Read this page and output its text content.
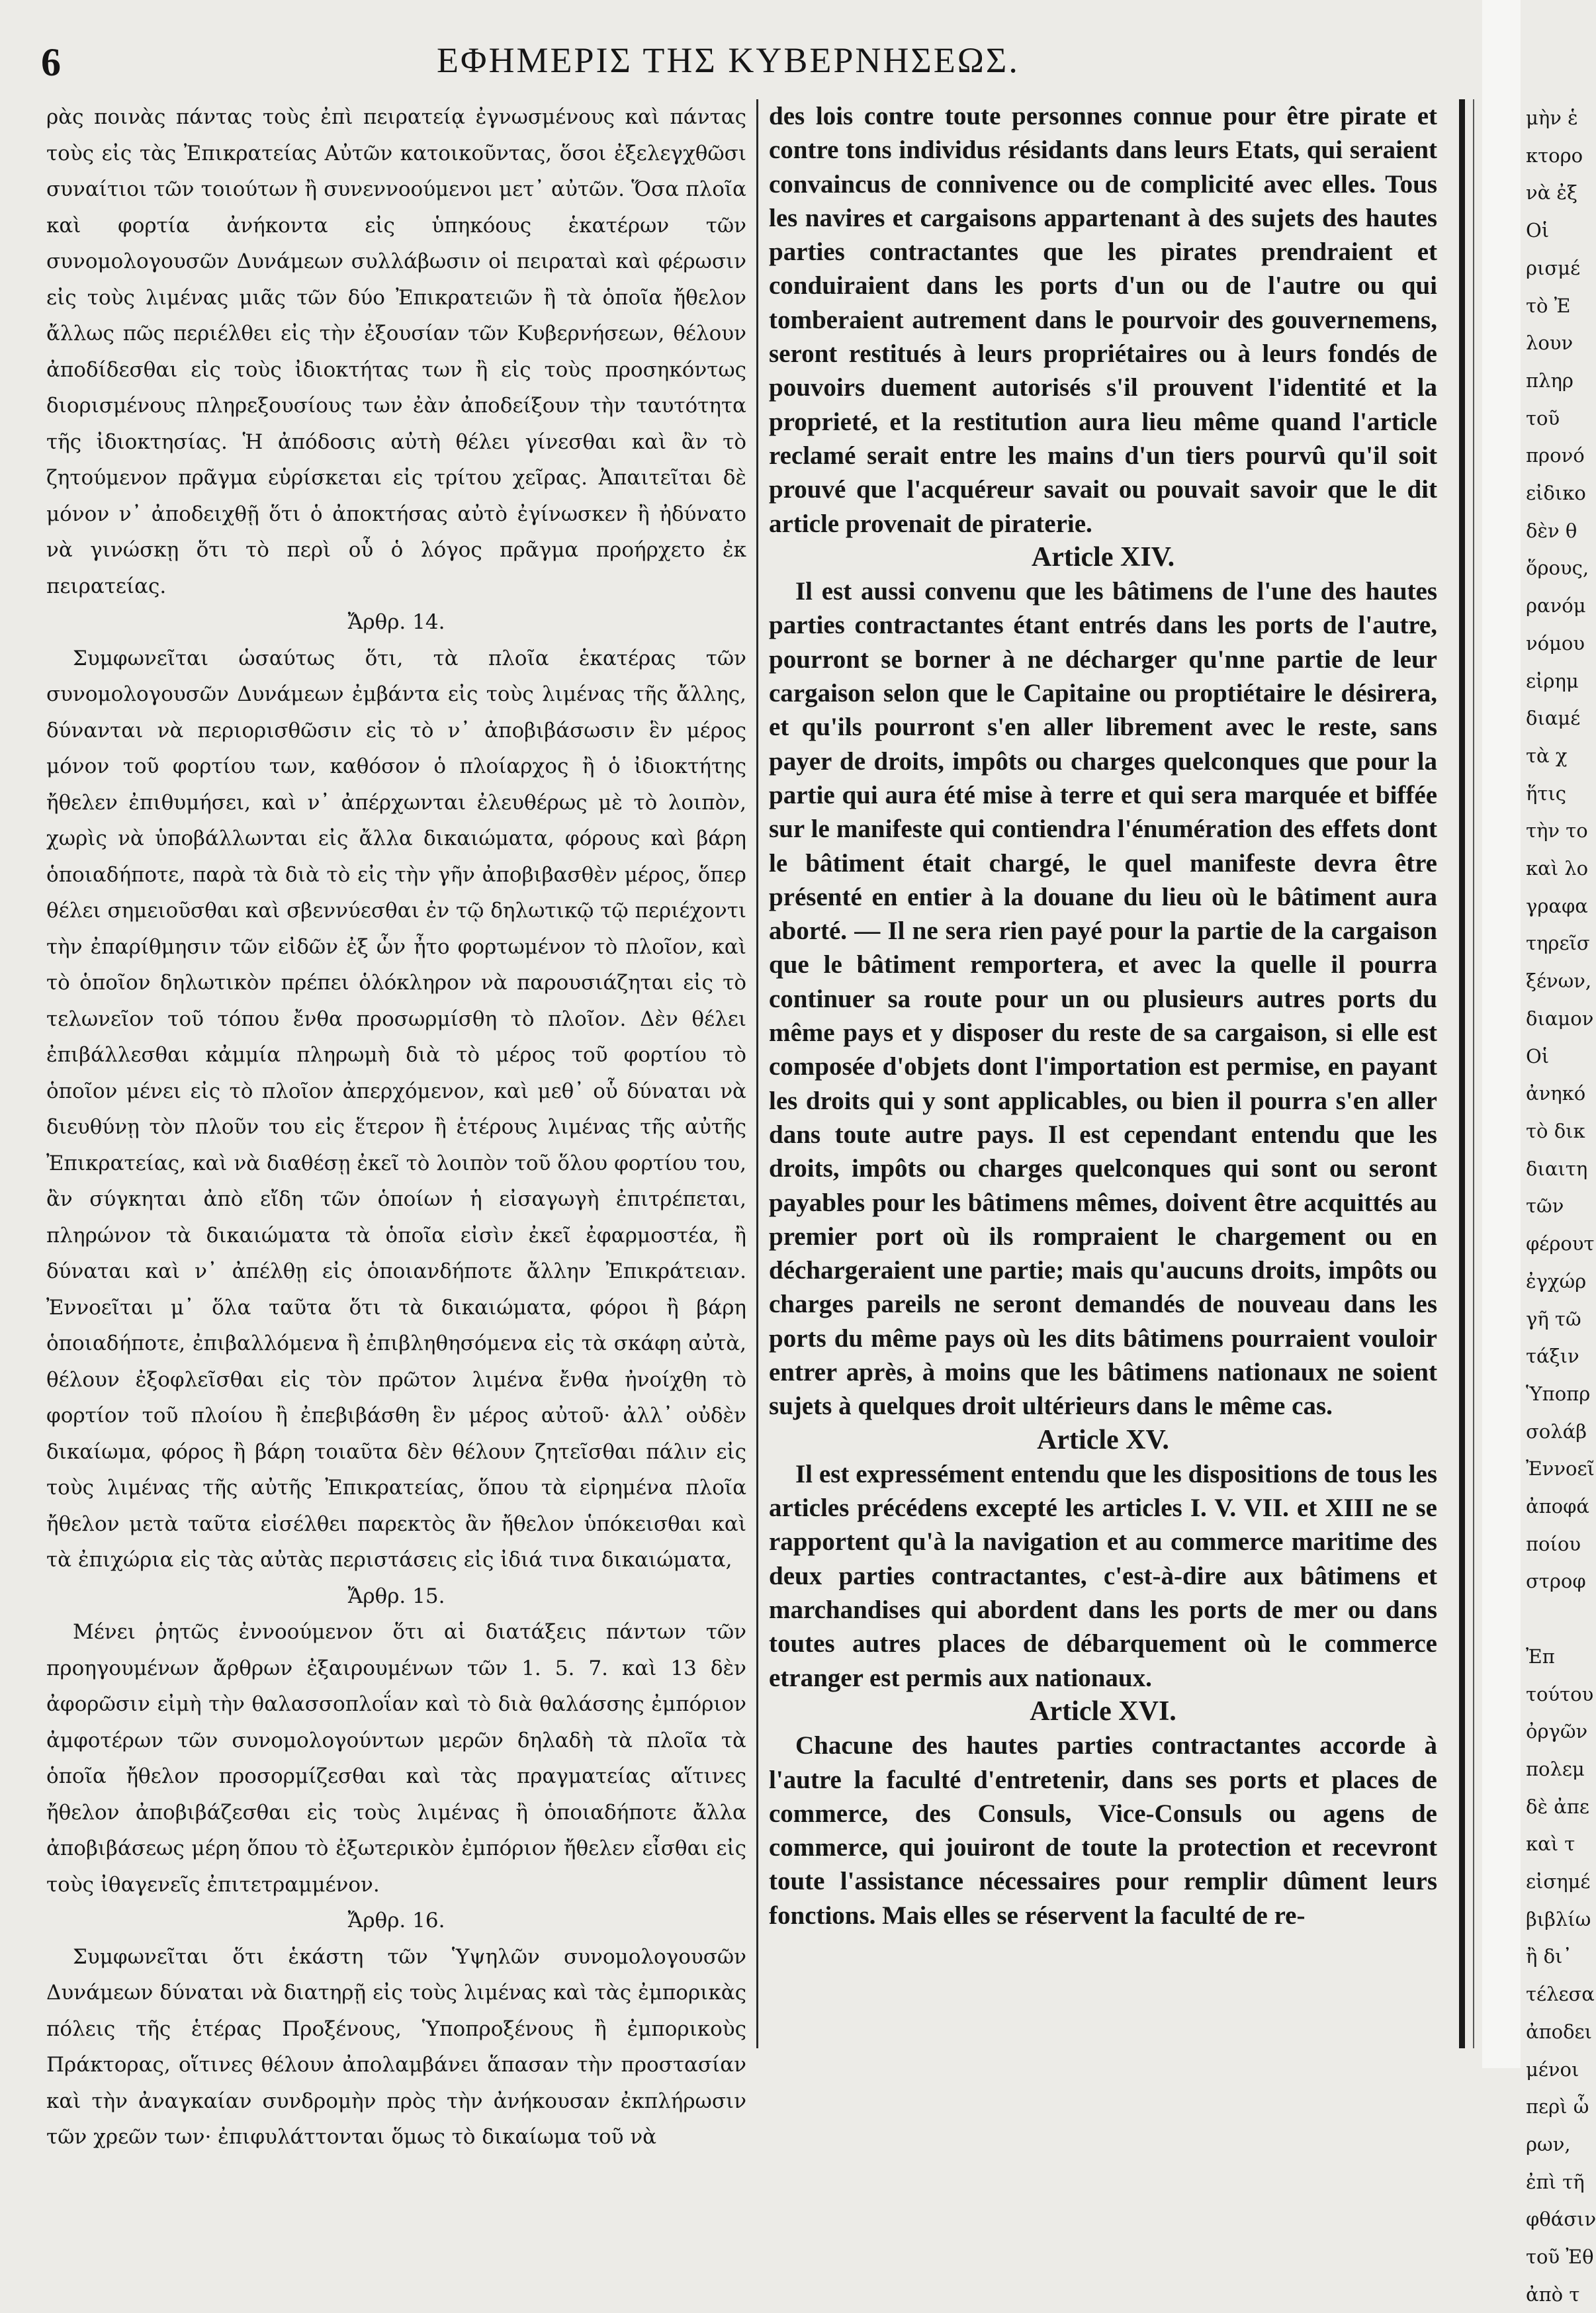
6	ΕΦΗΜΕΡΙΣ ΤΗΣ ΚΥΒΕΡΝΗΣΕΩΣ.

ρὰς ποινὰς πάντας τοὺς ἐπὶ πειρατείᾳ ἐγνωσμένους καὶ πάντας τοὺς εἰς τὰς Ἐπικρατείας Αὐτῶν κατοικοῦντας, ὅσοι ἐξελεγχθῶσι συναίτιοι τῶν τοιούτων ἢ συνεννοούμενοι μετ᾽ αὐτῶν. Ὅσα πλοῖα καὶ φορτία ἀνήκοντα εἰς ὑπηκόους ἑκατέρων τῶν συνομολογουσῶν Δυνάμεων συλλάβωσιν οἱ πειραταὶ καὶ φέρωσιν εἰς τοὺς λιμένας μιᾶς τῶν δύο Ἐπικρατειῶν ἢ τὰ ὁποῖα ἤθελον ἄλλως πῶς περιέλθει εἰς τὴν ἐξουσίαν τῶν Κυβερνήσεων, θέλουν ἀποδίδεσθαι εἰς τοὺς ἰδιοκτήτας των ἢ εἰς τοὺς προσηκόντως διορισμένους πληρεξουσίους των ἐὰν ἀποδείξουν τὴν ταυτότητα τῆς ἰδιοκτησίας. Ἡ ἀπόδοσις αὐτὴ θέλει γίνεσθαι καὶ ἂν τὸ ζητούμενον πρᾶγμα εὑρίσκεται εἰς τρίτου χεῖρας. Ἀπαιτεῖται δὲ μόνον ν᾽ ἀποδειχθῇ ὅτι ὁ ἀποκτήσας αὐτὸ ἐγίνωσκεν ἢ ἠδύνατο νὰ γινώσκῃ ὅτι τὸ περὶ οὗ ὁ λόγος πρᾶγμα προήρχετο ἐκ πειρατείας.

Ἄρθρ. 14.

Συμφωνεῖται ὡσαύτως ὅτι, τὰ πλοῖα ἑκατέρας τῶν συνομολογουσῶν Δυνάμεων ἐμβάντα εἰς τοὺς λιμένας τῆς ἄλλης, δύνανται νὰ περιορισθῶσιν εἰς τὸ ν᾽ ἀποβιβάσωσιν ἓν μέρος μόνον τοῦ φορτίου των, καθόσον ὁ πλοίαρχος ἢ ὁ ἰδιοκτήτης ἤθελεν ἐπιθυμήσει, καὶ ν᾽ ἀπέρχωνται ἐλευθέρως μὲ τὸ λοιπὸν, χωρὶς νὰ ὑποβάλλωνται εἰς ἄλλα δικαιώματα, φόρους καὶ βάρη ὁποιαδήποτε, παρὰ τὰ διὰ τὸ εἰς τὴν γῆν ἀποβιβασθὲν μέρος, ὅπερ θέλει σημειοῦσθαι καὶ σβεννύεσθαι ἐν τῷ δηλωτικῷ τῷ περιέχοντι τὴν ἐπαρίθμησιν τῶν εἰδῶν ἐξ ὧν ἦτο φορτωμένον τὸ πλοῖον, καὶ τὸ ὁποῖον δηλωτικὸν πρέπει ὁλόκληρον νὰ παρουσιάζηται εἰς τὸ τελωνεῖον τοῦ τόπου ἔνθα προσωρμίσθη τὸ πλοῖον. Δὲν θέλει ἐπιβάλλεσθαι κἀμμία πληρωμὴ διὰ τὸ μέρος τοῦ φορτίου τὸ ὁποῖον μένει εἰς τὸ πλοῖον ἀπερχόμενον, καὶ μεθ᾽ οὗ δύναται νὰ διευθύνῃ τὸν πλοῦν του εἰς ἕτερον ἢ ἑτέρους λιμένας τῆς αὐτῆς Ἐπικρατείας, καὶ νὰ διαθέσῃ ἐκεῖ τὸ λοιπὸν τοῦ ὅλου φορτίου του, ἂν σύγκηται ἀπὸ εἴδη τῶν ὁποίων ἡ εἰσαγωγὴ ἐπιτρέπεται, πληρώνον τὰ δικαιώματα τὰ ὁποῖα εἰσὶν ἐκεῖ ἐφαρμοστέα, ἢ δύναται καὶ ν᾽ ἀπέλθῃ εἰς ὁποιανδήποτε ἄλλην Ἐπικράτειαν. Ἐννοεῖται μ᾽ ὅλα ταῦτα ὅτι τὰ δικαιώματα, φόροι ἢ βάρη ὁποιαδήποτε, ἐπιβαλλόμενα ἢ ἐπιβληθησόμενα εἰς τὰ σκάφη αὐτὰ, θέλουν ἐξοφλεῖσθαι εἰς τὸν πρῶτον λιμένα ἔνθα ἠνοίχθη τὸ φορτίον τοῦ πλοίου ἢ ἐπεβιβάσθη ἓν μέρος αὐτοῦ· ἀλλ᾽ οὐδὲν δικαίωμα, φόρος ἢ βάρη τοιαῦτα δὲν θέλουν ζητεῖσθαι πάλιν εἰς τοὺς λιμένας τῆς αὐτῆς Ἐπικρατείας, ὅπου τὰ εἰρημένα πλοῖα ἤθελον μετὰ ταῦτα εἰσέλθει παρεκτὸς ἂν ἤθελον ὑπόκεισθαι καὶ τὰ ἐπιχώρια εἰς τὰς αὐτὰς περιστάσεις εἰς ἰδιά τινα δικαιώματα,

Ἄρθρ. 15.

Μένει ῥητῶς ἐννοούμενον ὅτι αἱ διατάξεις πάντων τῶν προηγουμένων ἄρθρων ἐξαιρουμένων τῶν 1. 5. 7. καὶ 13 δὲν ἀφορῶσιν εἰμὴ τὴν θαλασσοπλοΐαν καὶ τὸ διὰ θαλάσσης ἐμπόριον ἀμφοτέρων τῶν συνομολογούντων μερῶν δηλαδὴ τὰ πλοῖα τὰ ὁποῖα ἤθελον προσορμίζεσθαι καὶ τὰς πραγματείας αἵτινες ἤθελον ἀποβιβάζεσθαι εἰς τοὺς λιμένας ἢ ὁποιαδήποτε ἄλλα ἀποβιβάσεως μέρη ὅπου τὸ ἐξωτερικὸν ἐμπόριον ἤθελεν εἶσθαι εἰς τοὺς ἰθαγενεῖς ἐπιτετραμμένον.

Ἄρθρ. 16.

Συμφωνεῖται ὅτι ἑκάστη τῶν Ὑψηλῶν συνομολογουσῶν Δυνάμεων δύναται νὰ διατηρῇ εἰς τοὺς λιμένας καὶ τὰς ἐμπορικὰς πόλεις τῆς ἑτέρας Προξένους, Ὑποπροξένους ἢ ἐμπορικοὺς Πράκτορας, οἵτινες θέλουν ἀπολαμβάνει ἅπασαν τὴν προστασίαν καὶ τὴν ἀναγκαίαν συνδρομὴν πρὸς τὴν ἀνήκουσαν ἐκπλήρωσιν τῶν χρεῶν των· ἐπιφυλάττονται ὅμως τὸ δικαίωμα τοῦ νὰ

des lois contre toute personnes connue pour être pirate et contre tons individus résidants dans leurs Etats, qui seraient convaincus de connivence ou de complicité avec elles. Tous les navires et cargaisons appartenant à des sujets des hautes parties contractantes que les pirates prendraient et conduiraient dans les ports d'un ou de l'autre ou qui tomberaient autrement dans le pourvoir des gouvernemens, seront restitués à leurs propriétaires ou à leurs fondés de pouvoirs duement autorisés s'il prouvent l'identité et la proprieté, et la restitution aura lieu même quand l'article reclamé serait entre les mains d'un tiers pourvû qu'il soit prouvé que l'acquéreur savait ou pouvait savoir que le dit article provenait de piraterie.

Article XIV.

Il est aussi convenu que les bâtimens de l'une des hautes parties contractantes étant entrés dans les ports de l'autre, pourront se borner à ne décharger qu'nne partie de leur cargaison selon que le Capitaine ou proptiétaire le désirera, et qu'ils pourront s'en aller librement avec le reste, sans payer de droits, impôts ou charges quelconques que pour la partie qui aura été mise à terre et qui sera marquée et biffée sur le manifeste qui contiendra l'énumération des effets dont le bâtiment était chargé, le quel manifeste devra être présenté en entier à la douane du lieu où le bâtiment aura aborté. — Il ne sera rien payé pour la partie de la cargaison que le bâtiment remportera, et avec la quelle il pourra continuer sa route pour un ou plusieurs autres ports du même pays et y disposer du reste de sa cargaison, si elle est composée d'objets dont l'importation est permise, en payant les droits qui y sont applicables, ou bien il pourra s'en aller dans toute autre pays. Il est cependant entendu que les droits, impôts ou charges quelconques qui sont ou seront payables pour les bâtimens mêmes, doivent être acquittés au premier port où ils rompraient le chargement ou en déchargeraient une partie; mais qu'aucuns droits, impôts ou charges pareils ne seront demandés de nouveau dans les ports du même pays où les dits bâtimens pourraient vouloir entrer après, à moins que les bâtimens nationaux ne soient sujets à quelques droit ultérieurs dans le même cas.

Article XV.

Il est expressément entendu que les dispositions de tous les articles précédens excepté les articles I. V. VII. et XIII ne se rapportent qu'à la navigation et au commerce maritime des deux parties contractantes, c'est-à-dire aux bâtimens et marchandises qui abordent dans les ports de mer ou dans toutes autres places de débarquement où le commerce etranger est permis aux nationaux.

Article XVI.

Chacune des hautes parties contractantes accorde à l'autre la faculté d'entretenir, dans ses ports et places de commerce, des Consuls, Vice-Consuls ou agens de commerce, qui jouiront de toute la protection et recevront toute l'assistance nécessaires pour remplir dûment leurs fonctions. Mais elles se réservent la faculté de re-

μὴν ἑ
κτορο
νὰ ἐξ
Οἱ
ρισμέ
τὸ Ἐ
λουν
πληρ
τοῦ
προνό
εἰδικο
δὲν θ
ὅρους,
ρανόμ
νόμου
εἰρημ
διαμέ
τὰ χ
ἥτις
τὴν το
καὶ λο
γραφα
τηρεῖσ
ξένων,
διαμον
Οἱ
ἀνηκό
τὸ δικ
διαιτη
τῶν
φέρουτ
ἐγχώρ
γῆ τῶ
τάξιν
Ὑποπρ
σολάβ
Ἐννοεῖ
ἀποφά
ποίου
στροφ

Ἐπ
τούτου
ὀργῶν
πολεμ
δὲ ἀπε
καὶ τ
εἰσημέ
βιβλίω
ἢ δι᾽
τέλεσα
ἀποδει
μένοι
περὶ ὧ
ρων,
ἐπὶ τῆ
φθάσιν
τοῦ Ἐθ
ἀπὸ τ
